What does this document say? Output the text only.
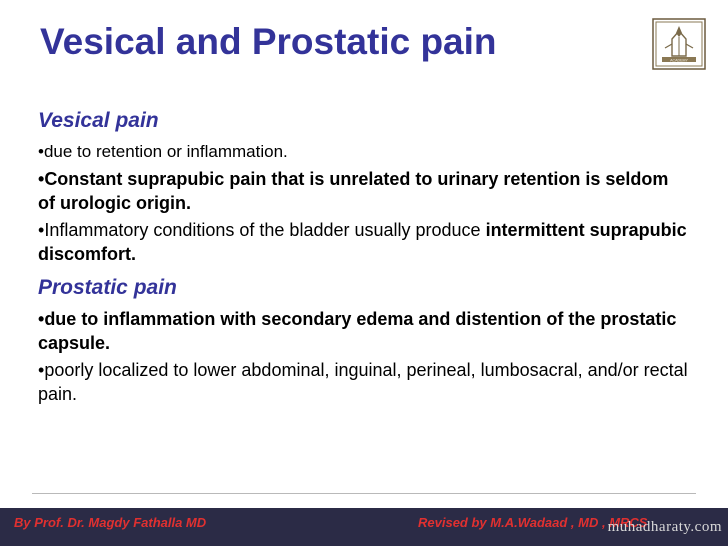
Vesical and Prostatic pain	ACADEMY
Vesical pain

•due to retention or inflammation.

•Constant suprapubic pain that is unrelated to urinary retention is seldom of urologic origin.

•Inflammatory conditions of the bladder usually produce intermittent suprapubic discomfort.

Prostatic pain

•due to inflammation with secondary edema and distention of the prostatic capsule.

•poorly localized to lower abdominal, inguinal, perineal, lumbosacral, and/or rectal pain.

By Prof. Dr. Magdy Fathalla MD	Revised by M.A.Wadaad , MD , MRCS
muhadharaty.com
